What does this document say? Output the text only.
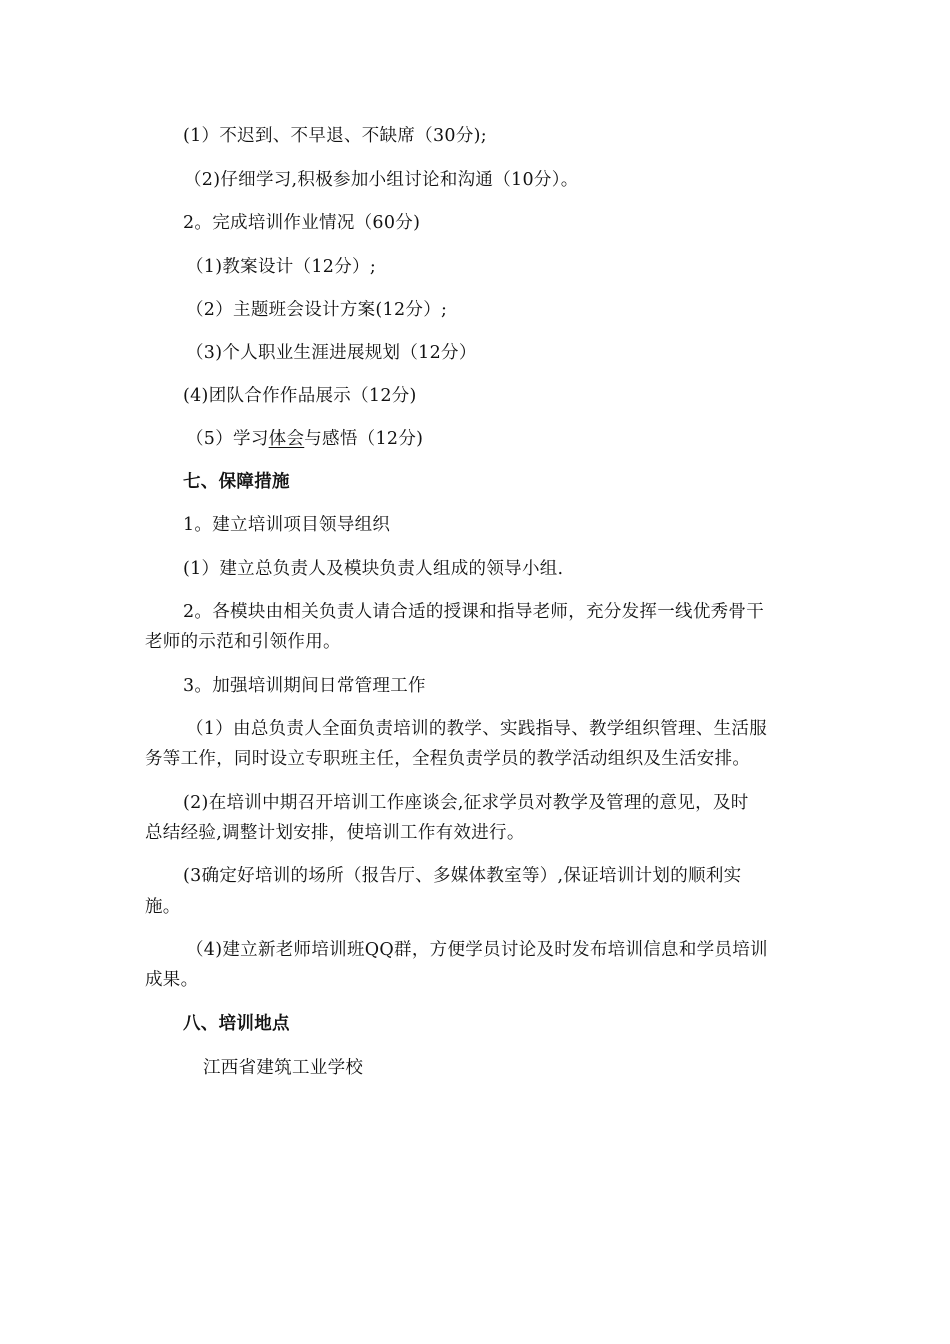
(1）不迟到、不早退、不缺席（30分);
（2)仔细学习,积极参加小组讨论和沟通（10分）。
2。完成培训作业情况（60分)
（1)教案设计（12分）;
（2）主题班会设计方案(12分）;
（3)个人职业生涯进展规划（12分）
(4)团队合作作品展示（12分)
（5）学习体会与感悟（12分)
七、保障措施
1。建立培训项目领导组织
(1）建立总负责人及模块负责人组成的领导小组.
2。各模块由相关负责人请合适的授课和指导老师，充分发挥一线优秀骨干
老师的示范和引领作用。
3。加强培训期间日常管理工作
（1）由总负责人全面负责培训的教学、实践指导、教学组织管理、生活服
务等工作，同时设立专职班主任，全程负责学员的教学活动组织及生活安排。
(2)在培训中期召开培训工作座谈会,征求学员对教学及管理的意见，及时
总结经验,调整计划安排，使培训工作有效进行。
(3确定好培训的场所（报告厅、多媒体教室等）,保证培训计划的顺利实
施。
（4)建立新老师培训班QQ群，方便学员讨论及时发布培训信息和学员培训
成果。
八、培训地点
江西省建筑工业学校
